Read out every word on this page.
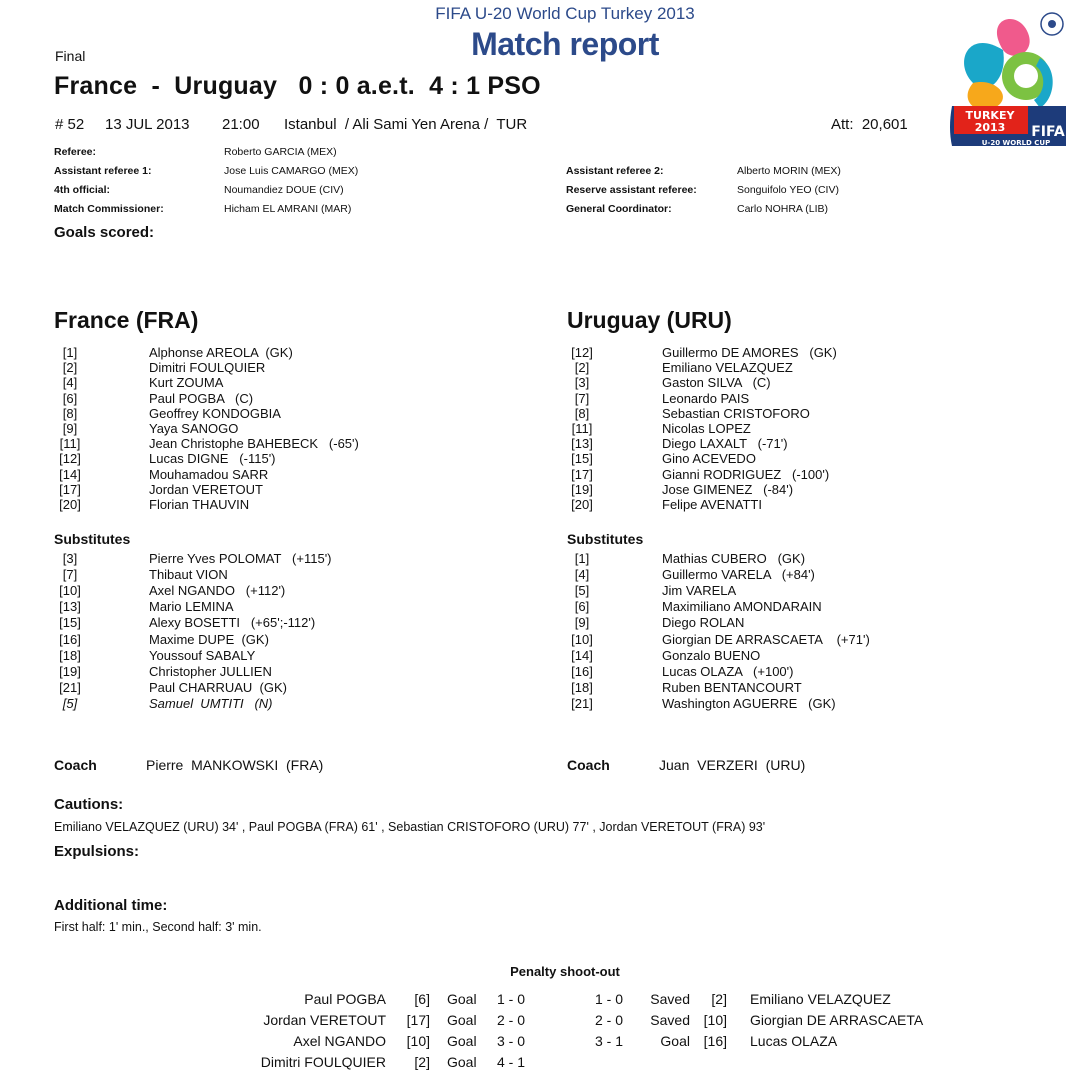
FIFA U-20 World Cup Turkey 2013
Match report
Final
France  -  Uruguay   0 : 0 a.e.t.  4 : 1 PSO
# 52 13 JUL 2013 21:00 Istanbul  / Ali Sami Yen Arena /  TUR	Att:  20,601
TURKEY
2013 FIFA
U-20 WORLD CUP
Referee:	Roberto GARCIA (MEX)
Assistant referee 1:	Jose Luis CAMARGO (MEX)
4th official:	Noumandiez DOUE (CIV)
Match Commissioner:	Hicham EL AMRANI (MAR)
Assistant referee 2:	Alberto MORIN (MEX)
Reserve assistant referee:	Songuifolo YEO (CIV)
General Coordinator:	Carlo NOHRA (LIB)
Goals scored:
France (FRA)	Uruguay (URU)
[1]	Alphonse AREOLA  (GK)
[2]	Dimitri FOULQUIER
[4]	Kurt ZOUMA
[6]	Paul POGBA   (C)
[8]	Geoffrey KONDOGBIA
[9]	Yaya SANOGO
[11]	Jean Christophe BAHEBECK   (-65')
[12]	Lucas DIGNE   (-115')
[14]	Mouhamadou SARR
[17]	Jordan VERETOUT
[20]	Florian THAUVIN
[12]	Guillermo DE AMORES   (GK)
[2]	Emiliano VELAZQUEZ
[3]	Gaston SILVA   (C)
[7]	Leonardo PAIS
[8]	Sebastian CRISTOFORO
[11]	Nicolas LOPEZ
[13]	Diego LAXALT   (-71')
[15]	Gino ACEVEDO
[17]	Gianni RODRIGUEZ   (-100')
[19]	Jose GIMENEZ   (-84')
[20]	Felipe AVENATTI
[3]	Pierre Yves POLOMAT   (+115')
[7]	Thibaut VION
[10]	Axel NGANDO   (+112')
[13]	Mario LEMINA
[15]	Alexy BOSETTI   (+65';-112')
[16]	Maxime DUPE  (GK)
[18]	Youssouf SABALY
[19]	Christopher JULLIEN
[21]	Paul CHARRUAU  (GK)
[5]	Samuel  UMTITI   (N)
[1]	Mathias CUBERO   (GK)
[4]	Guillermo VARELA   (+84')
[5]	Jim VARELA
[6]	Maximiliano AMONDARAIN
[9]	Diego ROLAN
[10]	Giorgian DE ARRASCAETA    (+71')
[14]	Gonzalo BUENO
[16]	Lucas OLAZA   (+100')
[18]	Ruben BENTANCOURT
[21]	Washington AGUERRE   (GK)
Substitutes	Substitutes
Coach	Pierre  MANKOWSKI  (FRA)	Coach	Juan  VERZERI  (URU)
Cautions:
Emiliano VELAZQUEZ (URU) 34' , Paul POGBA (FRA) 61' , Sebastian CRISTOFORO (URU) 77' , Jordan VERETOUT (FRA) 93'
Expulsions:
Additional time:
First half: 1' min., Second half: 3' min.
Penalty shoot-out
Paul POGBA	[6] Goal 1 - 0
Jordan VERETOUT	[17] Goal 2 - 0
Axel NGANDO	[10] Goal 3 - 0
Dimitri FOULQUIER	[2] Goal 4 - 1
1 - 0	Saved	[2] Emiliano VELAZQUEZ
2 - 0	Saved [10] Giorgian DE ARRASCAETA
3 - 1	Goal [16] Lucas OLAZA
